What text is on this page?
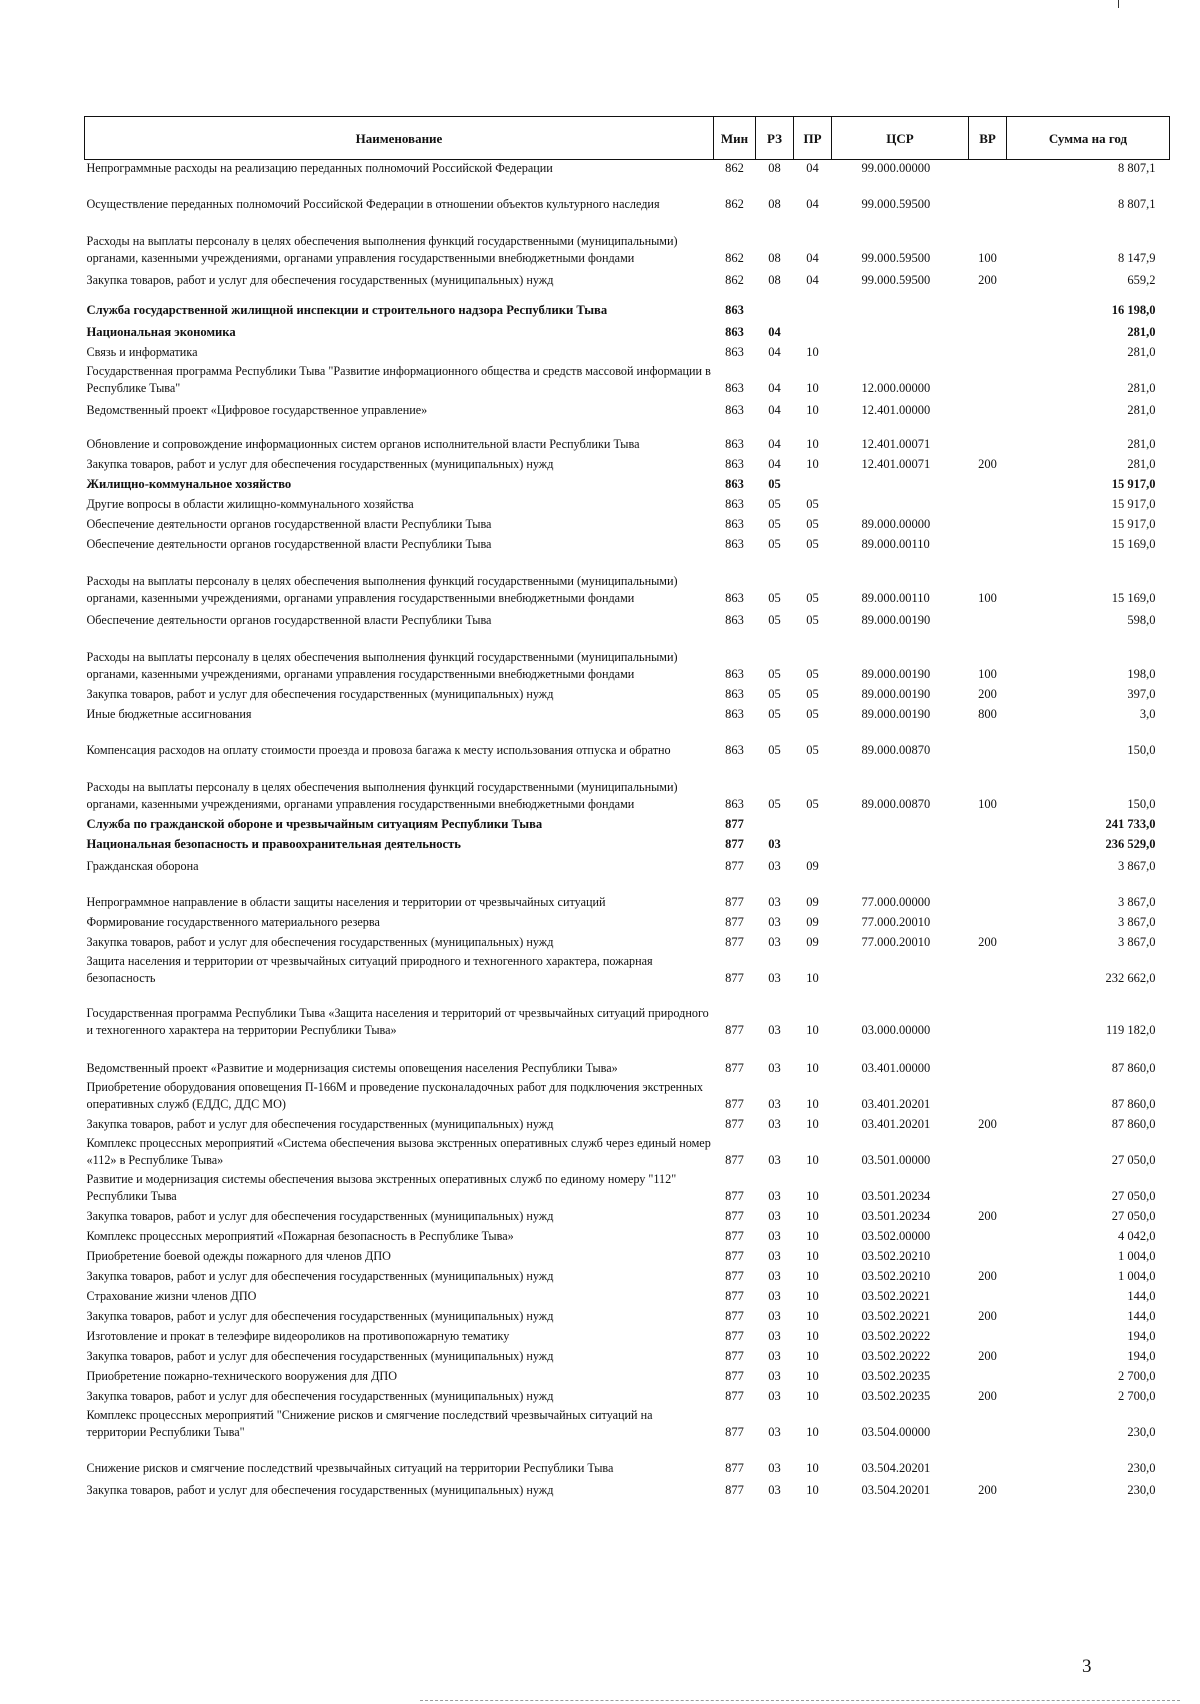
Наименование	Мин	РЗ	ПР	ЦСР	ВР	Сумма на год
Непрограммные расходы на реализацию переданных полномочий Российской Федерации	862	08	04	99.000.00000		8 807,1
Осуществление переданных полномочий Российской Федерации в отношении объектов культурного наследия	862	08	04	99.000.59500		8 807,1
Расходы на выплаты персоналу в целях обеспечения выполнения функций государственными (муниципальными) органами, казенными учреждениями, органами управления государственными внебюджетными фондами	862	08	04	99.000.59500	100	8 147,9
Закупка товаров, работ и услуг для обеспечения государственных (муниципальных) нужд	862	08	04	99.000.59500	200	659,2
Служба государственной жилищной инспекции и строительного надзора Республики Тыва	863					16 198,0
Национальная экономика	863	04				281,0
Связь и информатика	863	04	10			281,0
Государственная программа Республики Тыва "Развитие информационного общества и средств массовой информации в Республике Тыва"	863	04	10	12.000.00000		281,0
Ведомственный проект «Цифровое государственное управление»	863	04	10	12.401.00000		281,0
Обновление и сопровождение информационных систем органов исполнительной власти Республики Тыва	863	04	10	12.401.00071		281,0
Закупка товаров, работ и услуг для обеспечения государственных (муниципальных) нужд	863	04	10	12.401.00071	200	281,0
Жилищно-коммунальное хозяйство	863	05				15 917,0
Другие вопросы в области жилищно-коммунального хозяйства	863	05	05			15 917,0
Обеспечение деятельности органов государственной власти Республики Тыва	863	05	05	89.000.00000		15 917,0
Обеспечение деятельности органов государственной власти Республики Тыва	863	05	05	89.000.00110		15 169,0
Расходы на выплаты персоналу в целях обеспечения выполнения функций государственными (муниципальными) органами, казенными учреждениями, органами управления государственными внебюджетными фондами	863	05	05	89.000.00110	100	15 169,0
Обеспечение деятельности органов государственной власти Республики Тыва	863	05	05	89.000.00190		598,0
Расходы на выплаты персоналу в целях обеспечения выполнения функций государственными (муниципальными) органами, казенными учреждениями, органами управления государственными внебюджетными фондами	863	05	05	89.000.00190	100	198,0
Закупка товаров, работ и услуг для обеспечения государственных (муниципальных) нужд	863	05	05	89.000.00190	200	397,0
Иные бюджетные ассигнования	863	05	05	89.000.00190	800	3,0
Компенсация расходов на оплату стоимости проезда и провоза багажа к месту использования отпуска и обратно	863	05	05	89.000.00870		150,0
Расходы на выплаты персоналу в целях обеспечения выполнения функций государственными (муниципальными) органами, казенными учреждениями, органами управления государственными внебюджетными фондами	863	05	05	89.000.00870	100	150,0
Служба по гражданской обороне и чрезвычайным ситуациям Республики Тыва	877					241 733,0
Национальная безопасность и правоохранительная деятельность	877	03				236 529,0
Гражданская оборона	877	03	09			3 867,0
Непрограммное направление в области защиты населения и территории от чрезвычайных ситуаций	877	03	09	77.000.00000		3 867,0
Формирование государственного материального резерва	877	03	09	77.000.20010		3 867,0
Закупка товаров, работ и услуг для обеспечения государственных (муниципальных) нужд	877	03	09	77.000.20010	200	3 867,0
Защита населения и территории от чрезвычайных ситуаций природного и техногенного характера, пожарная безопасность	877	03	10			232 662,0
Государственная программа Республики Тыва «Защита населения и территорий от чрезвычайных ситуаций природного и техногенного характера на территории Республики Тыва»	877	03	10	03.000.00000		119 182,0
Ведомственный проект «Развитие и модернизация системы оповещения населения Республики Тыва»	877	03	10	03.401.00000		87 860,0
Приобретение оборудования оповещения П-166М и проведение пусконаладочных работ для подключения экстренных оперативных служб (ЕДДС, ДДС МО)	877	03	10	03.401.20201		87 860,0
Закупка товаров, работ и услуг для обеспечения государственных (муниципальных) нужд	877	03	10	03.401.20201	200	87 860,0
Комплекс процессных мероприятий «Система обеспечения вызова экстренных оперативных служб через единый номер «112» в Республике Тыва»	877	03	10	03.501.00000		27 050,0
Развитие и модернизация системы обеспечения вызова экстренных оперативных служб по единому номеру "112" Республики Тыва	877	03	10	03.501.20234		27 050,0
Закупка товаров, работ и услуг для обеспечения государственных (муниципальных) нужд	877	03	10	03.501.20234	200	27 050,0
Комплекс процессных мероприятий «Пожарная безопасность в Республике Тыва»	877	03	10	03.502.00000		4 042,0
Приобретение боевой одежды пожарного для членов ДПО	877	03	10	03.502.20210		1 004,0
Закупка товаров, работ и услуг для обеспечения государственных (муниципальных) нужд	877	03	10	03.502.20210	200	1 004,0
Страхование жизни членов ДПО	877	03	10	03.502.20221		144,0
Закупка товаров, работ и услуг для обеспечения государственных (муниципальных) нужд	877	03	10	03.502.20221	200	144,0
Изготовление и прокат в телеэфире видеороликов на противопожарную тематику	877	03	10	03.502.20222		194,0
Закупка товаров, работ и услуг для обеспечения государственных (муниципальных) нужд	877	03	10	03.502.20222	200	194,0
Приобретение пожарно-технического вооружения для ДПО	877	03	10	03.502.20235		2 700,0
Закупка товаров, работ и услуг для обеспечения государственных (муниципальных) нужд	877	03	10	03.502.20235	200	2 700,0
Комплекс процессных мероприятий "Снижение рисков и смягчение последствий чрезвычайных ситуаций на территории Республики Тыва"	877	03	10	03.504.00000		230,0
Снижение рисков и смягчение последствий чрезвычайных ситуаций на территории Республики Тыва	877	03	10	03.504.20201		230,0
Закупка товаров, работ и услуг для обеспечения государственных (муниципальных) нужд	877	03	10	03.504.20201	200	230,0
3
